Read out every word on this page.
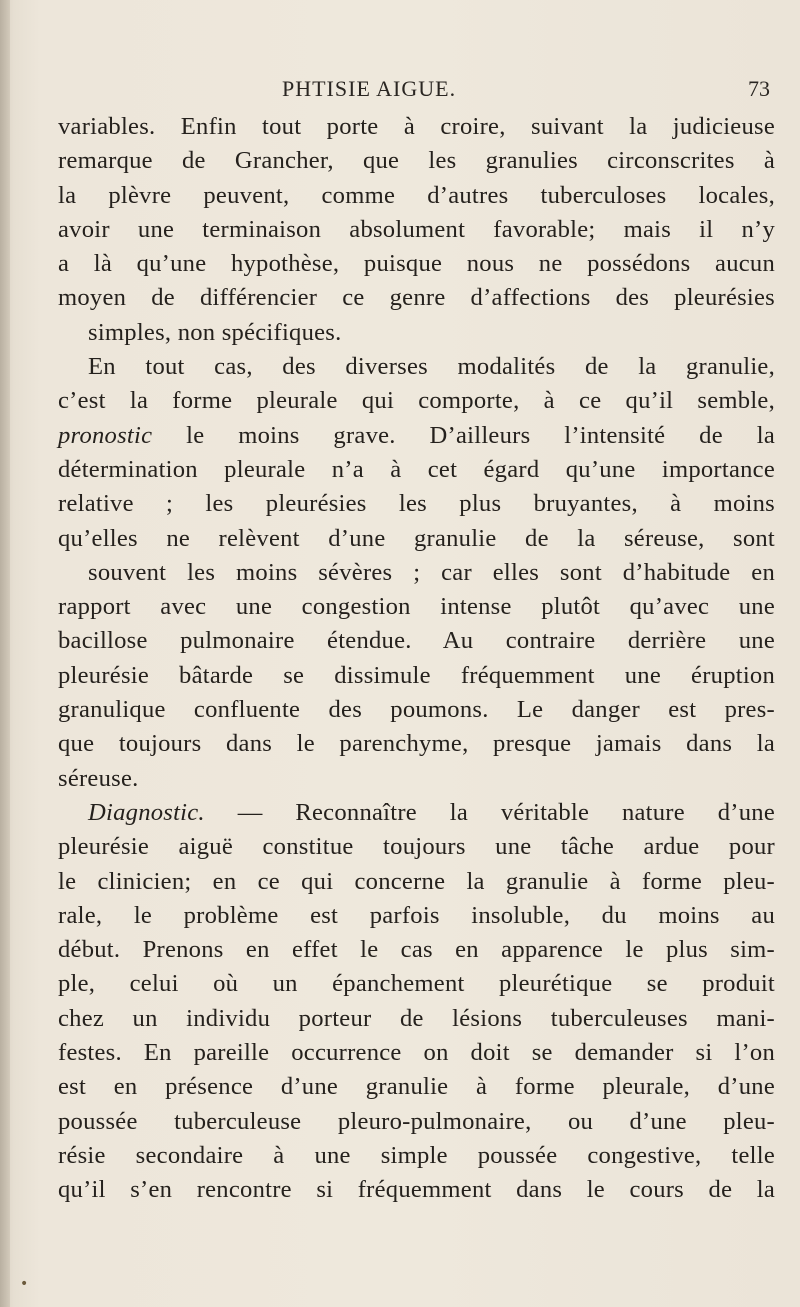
PHTISIE AIGUE.	73
variables. Enfin tout porte à croire, suivant la judicieuse
remarque de Grancher, que les granulies circonscrites à
la plèvre peuvent, comme d’autres tuberculoses locales,
avoir une terminaison absolument favorable; mais il n’y
a là qu’une hypothèse, puisque nous ne possédons aucun
moyen de différencier ce genre d’affections des pleurésies
simples, non spécifiques.
En tout cas, des diverses modalités de la granulie,
c’est la forme pleurale qui comporte, à ce qu’il semble,
pronostic le moins grave. D’ailleurs l’intensité de la
détermination pleurale n’a à cet égard qu’une importance
relative ; les pleurésies les plus bruyantes, à moins
qu’elles ne relèvent d’une granulie de la séreuse, sont
souvent les moins sévères ; car elles sont d’habitude en
rapport avec une congestion intense plutôt qu’avec une
bacillose pulmonaire étendue. Au contraire derrière une
pleurésie bâtarde se dissimule fréquemment une éruption
granulique confluente des poumons. Le danger est pres-
que toujours dans le parenchyme, presque jamais dans la
séreuse.
Diagnostic. — Reconnaître la véritable nature d’une
pleurésie aiguë constitue toujours une tâche ardue pour
le clinicien; en ce qui concerne la granulie à forme pleu-
rale, le problème est parfois insoluble, du moins au
début. Prenons en effet le cas en apparence le plus sim-
ple, celui où un épanchement pleurétique se produit
chez un individu porteur de lésions tuberculeuses mani-
festes. En pareille occurrence on doit se demander si l’on
est en présence d’une granulie à forme pleurale, d’une
poussée tuberculeuse pleuro-pulmonaire, ou d’une pleu-
résie secondaire à une simple poussée congestive, telle
qu’il s’en rencontre si fréquemment dans le cours de la
•
